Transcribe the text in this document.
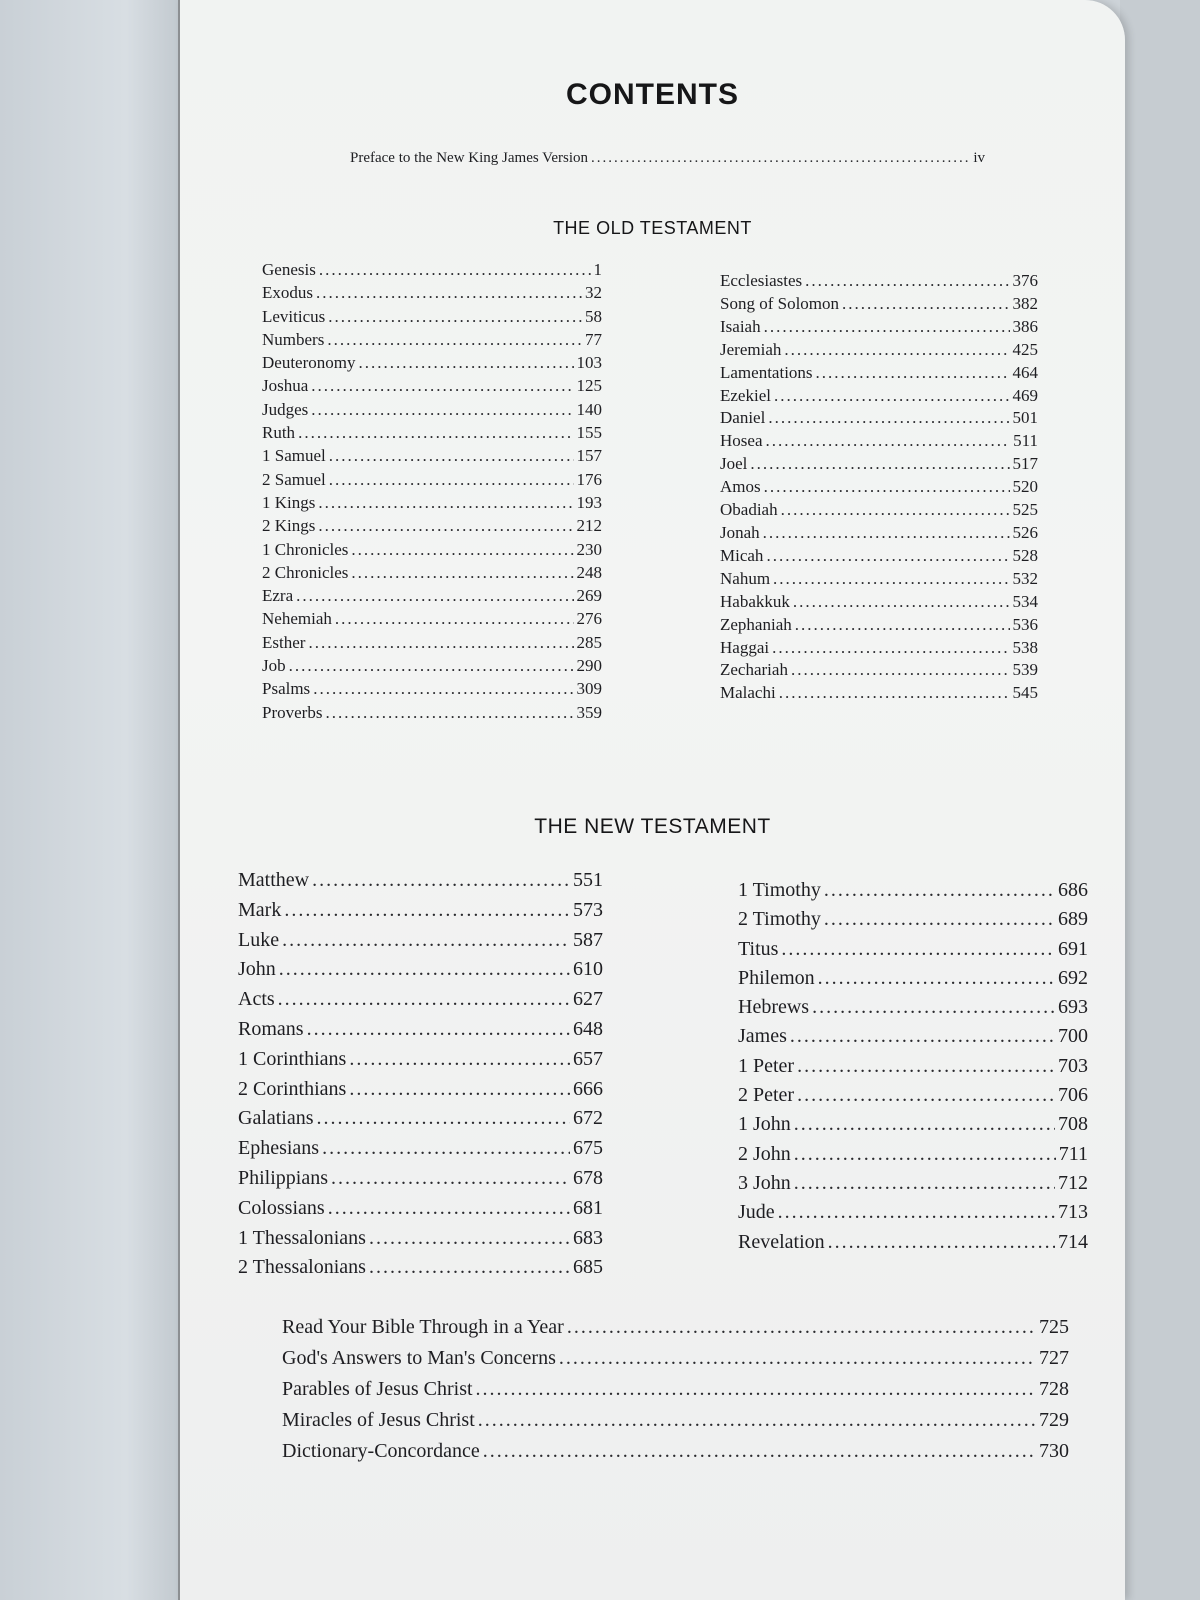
CONTENTS
THE OLD TESTAMENT
THE NEW TESTAMENT
Preface to the New King James Version .....	iv
Genesis .....	1
Exodus .....	32
Leviticus .....	58
Numbers .....	77
Deuteronomy .....	103
Joshua .....	125
Judges .....	140
Ruth .....	155
1 Samuel .....	157
2 Samuel .....	176
1 Kings .....	193
2 Kings .....	212
1 Chronicles .....	230
2 Chronicles .....	248
Ezra .....	269
Nehemiah .....	276
Esther .....	285
Job .....	290
Psalms .....	309
Proverbs .....	359
Ecclesiastes .....	376
Song of Solomon .....	382
Isaiah .....	386
Jeremiah .....	425
Lamentations .....	464
Ezekiel .....	469
Daniel .....	501
Hosea .....	511
Joel .....	517
Amos .....	520
Obadiah .....	525
Jonah .....	526
Micah .....	528
Nahum .....	532
Habakkuk .....	534
Zephaniah .....	536
Haggai .....	538
Zechariah .....	539
Malachi .....	545
Matthew .....	551
Mark .....	573
Luke .....	587
John .....	610
Acts .....	627
Romans .....	648
1 Corinthians .....	657
2 Corinthians .....	666
Galatians .....	672
Ephesians .....	675
Philippians .....	678
Colossians .....	681
1 Thessalonians .....	683
2 Thessalonians .....	685
1 Timothy .....	686
2 Timothy .....	689
Titus .....	691
Philemon .....	692
Hebrews .....	693
James .....	700
1 Peter .....	703
2 Peter .....	706
1 John .....	708
2 John .....	711
3 John .....	712
Jude .....	713
Revelation .....	714
Read Your Bible Through in a Year .....	725
God's Answers to Man's Concerns .....	727
Parables of Jesus Christ .....	728
Miracles of Jesus Christ .....	729
Dictionary-Concordance .....	730
